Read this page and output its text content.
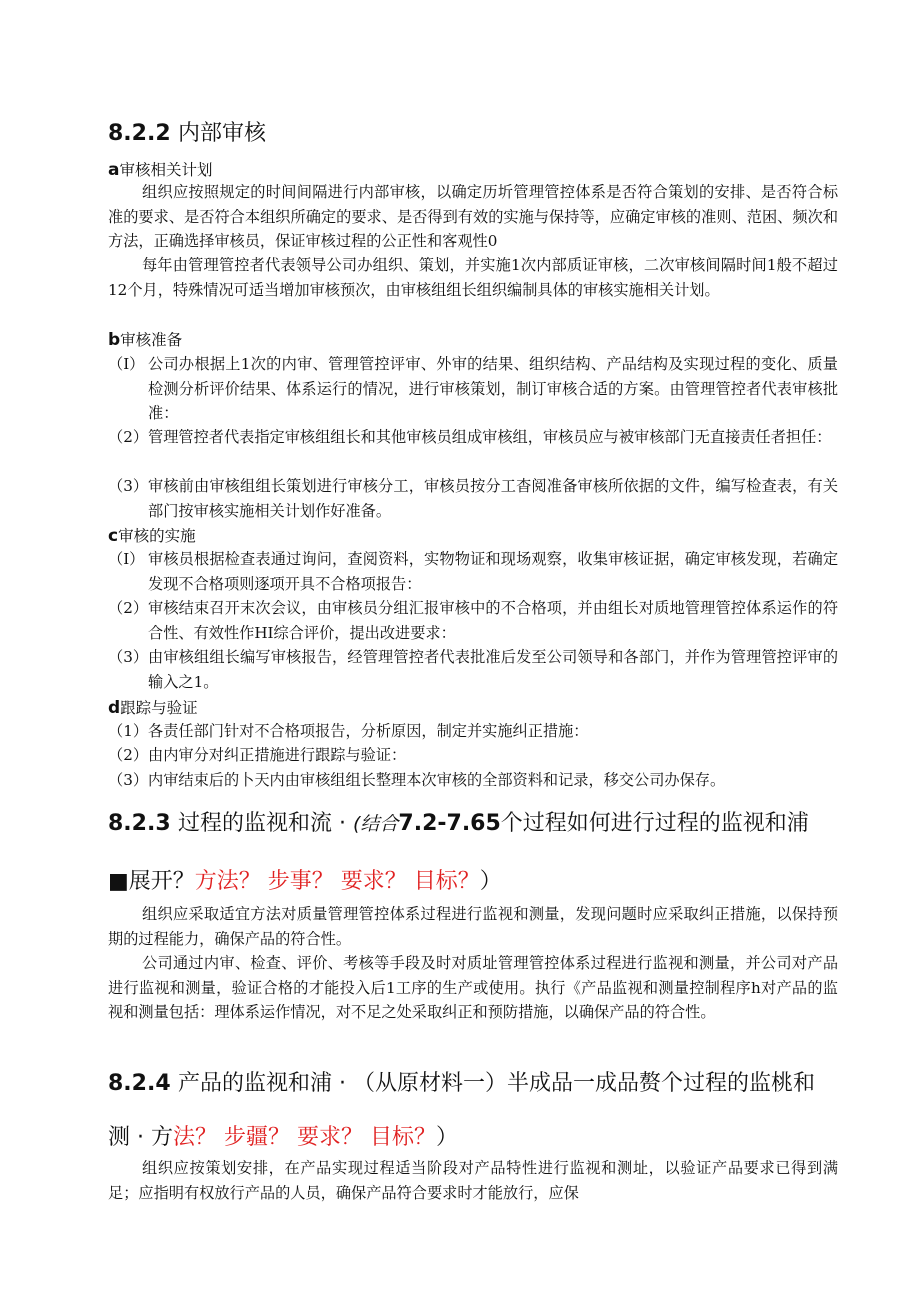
8.2.2 内部审核
a审核相关计划
组织应按照规定的时间间隔进行内部审核，以确定历圻管理管控体系是否符合策划的安排、是否符合标准的要求、是否符合本组织所确定的要求、是否得到有效的实施与保持等，应确定审核的准则、范困、频次和方法，正确选择审核员，保证审核过程的公正性和客观性0
每年由管理管控者代表领导公司办组织、策划，并实施1次内部质证审核，二次审核间隔时间1般不超过12个月，特殊情况可适当增加审核预次，由审核组组长组织编制具体的审核实施相关计划。
b审核准备
（I） 公司办根据上1次的内审、管理管控评审、外审的结果、组织结构、产品结构及实现过程的变化、质量检测分析评价结果、体系运行的情况，进行审核策划，制订审核合适的方案。由管理管控者代表审核批准：
（2） 管理管控者代表指定审核组组长和其他审核员组成审核组，审核员应与被审核部门无直接责任者担任：
（3） 审核前由审核组组长策划进行审核分工，审核员按分工杳阅准备审核所依据的文件，编写检查表，有关部门按审核实施相关计划作好准备。
c审核的实施
（I） 审核员根据检查表通过询问，查阅资料，实物物证和现场观察，收集审核证据，确定审核发现，若确定发现不合格项则逐项开具不合格项报告：
（2） 审核结束召开末次会议，由审核员分组汇报审核中的不合格项，并由组长对质地管理管控体系运作的符合性、有效性作HI综合评价，提出改进要求：
（3） 由审核组组长编写审核报告，经管理管控者代表批准后发至公司领导和各部门，并作为管理管控评审的输入之1。
d跟踪与验证
（1） 各责任部门针对不合格项报告，分析原因，制定并实施纠正措施：
（2） 由内审分对纠正措施进行跟踪与验证：
（3） 内审结束后的卜天内由审核组组长整理本次审核的全部资料和记录，移交公司办保存。
8.2.3 过程的监视和流 · (结合7.2-7.65个过程如何进行过程的监视和浦
■展开？方法？ 步事？ 要求？ 目标？）
组织应采取适宜方法对质量管理管控体系过程进行监视和测量，发现问题时应采取纠正措施，以保持预期的过程能力，确保产品的符合性。
公司通过内审、检查、评价、考核等手段及时对质址管理管控体系过程进行监视和测量，并公司对产品进行监视和测量，验证合格的才能投入后1工序的生产或使用。执行《产品监视和测量控制程序h对产品的监视和测量包括：理体系运作情况，对不足之处采取纠正和预防措施，以确保产品的符合性。
8.2.4 产品的监视和浦 · （从原材料一）半成品一成品赘个过程的监桃和
测 · 方法？ 步疆？ 要求？ 目标？）
组织应按策划安排，在产品实现过程适当阶段对产品特性进行监视和测址，以验证产品要求已得到满足；应指明有权放行产品的人员，确保产品符合要求时才能放行，应保
